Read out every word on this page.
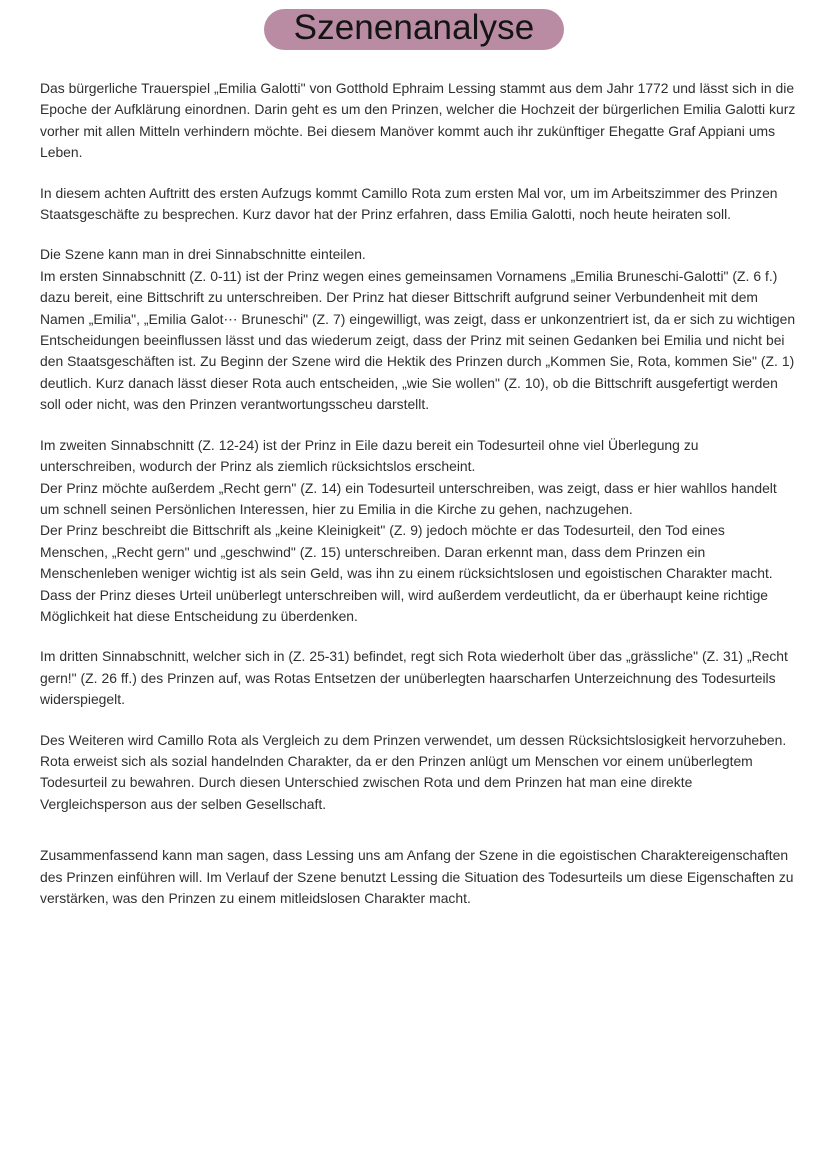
Szenenanalyse

Das bürgerliche Trauerspiel „Emilia Galotti" von Gotthold Ephraim Lessing stammt aus dem Jahr 1772 und lässt sich in die Epoche der Aufklärung einordnen. Darin geht es um den Prinzen, welcher die Hochzeit der bürgerlichen Emilia Galotti kurz vorher mit allen Mitteln verhindern möchte. Bei diesem Manöver kommt auch ihr zukünftiger Ehegatte Graf Appiani ums Leben.

In diesem achten Auftritt des ersten Aufzugs kommt Camillo Rota zum ersten Mal vor, um im Arbeitszimmer des Prinzen Staatsgeschäfte zu besprechen. Kurz davor hat der Prinz erfahren, dass Emilia Galotti, noch heute heiraten soll.

Die Szene kann man in drei Sinnabschnitte einteilen.

Im ersten Sinnabschnitt (Z. 0-11) ist der Prinz wegen eines gemeinsamen Vornamens „Emilia Bruneschi-Galotti" (Z. 6 f.) dazu bereit, eine Bittschrift zu unterschreiben. Der Prinz hat dieser Bittschrift aufgrund seiner Verbundenheit mit dem Namen „Emilia", „Emilia Galot⋯ Bruneschi" (Z. 7) eingewilligt, was zeigt, dass er unkonzentriert ist, da er sich zu wichtigen Entscheidungen beeinflussen lässt und das wiederum zeigt, dass der Prinz mit seinen Gedanken bei Emilia und nicht bei den Staatsgeschäften ist. Zu Beginn der Szene wird die Hektik des Prinzen durch „Kommen Sie, Rota, kommen Sie" (Z. 1) deutlich. Kurz danach lässt dieser Rota auch entscheiden, „wie Sie wollen" (Z. 10), ob die Bittschrift ausgefertigt werden soll oder nicht, was den Prinzen verantwortungsscheu darstellt.

Im zweiten Sinnabschnitt (Z. 12-24) ist der Prinz in Eile dazu bereit ein Todesurteil ohne viel Überlegung zu unterschreiben, wodurch der Prinz als ziemlich rücksichtslos erscheint.

Der Prinz möchte außerdem „Recht gern" (Z. 14) ein Todesurteil unterschreiben, was zeigt, dass er hier wahllos handelt um schnell seinen Persönlichen Interessen, hier zu Emilia in die Kirche zu gehen, nachzugehen.

Der Prinz beschreibt die Bittschrift als „keine Kleinigkeit" (Z. 9) jedoch möchte er das Todesurteil, den Tod eines Menschen, „Recht gern" und „geschwind" (Z. 15) unterschreiben. Daran erkennt man, dass dem Prinzen ein Menschenleben weniger wichtig ist als sein Geld, was ihn zu einem rücksichtslosen und egoistischen Charakter macht. Dass der Prinz dieses Urteil unüberlegt unterschreiben will, wird außerdem verdeutlicht, da er überhaupt keine richtige Möglichkeit hat diese Entscheidung zu überdenken.

Im dritten Sinnabschnitt, welcher sich in (Z. 25-31) befindet, regt sich Rota wiederholt über das „grässliche" (Z. 31) „Recht gern!" (Z. 26 ff.) des Prinzen auf, was Rotas Entsetzen der unüberlegten haarscharfen Unterzeichnung des Todesurteils widerspiegelt.

Des Weiteren wird Camillo Rota als Vergleich zu dem Prinzen verwendet, um dessen Rücksichtslosigkeit hervorzuheben. Rota erweist sich als sozial handelnden Charakter, da er den Prinzen anlügt um Menschen vor einem unüberlegtem Todesurteil zu bewahren. Durch diesen Unterschied zwischen Rota und dem Prinzen hat man eine direkte Vergleichsperson aus der selben Gesellschaft.

Zusammenfassend kann man sagen, dass Lessing uns am Anfang der Szene in die egoistischen Charaktereigenschaften des Prinzen einführen will. Im Verlauf der Szene benutzt Lessing die Situation des Todesurteils um diese Eigenschaften zu verstärken, was den Prinzen zu einem mitleidslosen Charakter macht.
